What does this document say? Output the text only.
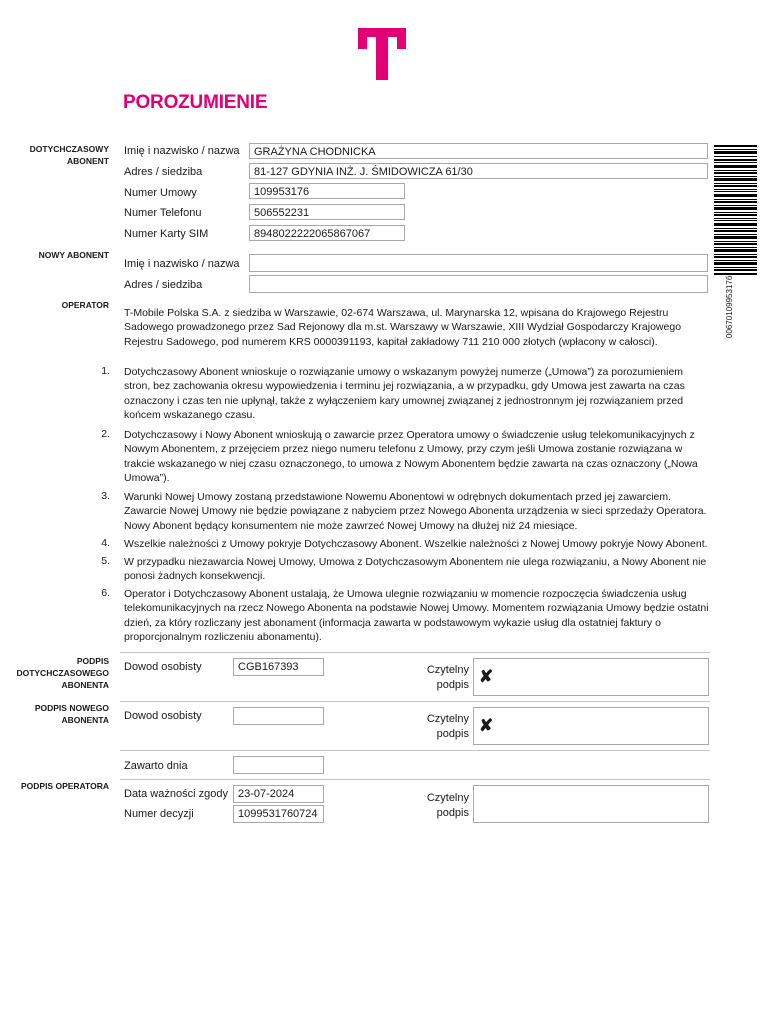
POROZUMIENIE
DOTYCHCZASOWY ABONENT
NOWY ABONENT
OPERATOR
PODPIS DOTYCHCZASOWEGO ABONENTA
PODPIS NOWEGO ABONENTA
PODPIS OPERATORA
Imię i nazwisko / nazwa	GRAŻYNA CHODNICKA
Adres / siedziba	81-127 GDYNIA INŻ. J. ŚMIDOWICZA 61/30
Numer Umowy	109953176
Numer Telefonu	506552231
Numer Karty SIM	8948022222065867067
Imię i nazwisko / nazwa
Adres / siedziba
T-Mobile Polska S.A. z siedziba w Warszawie, 02-674 Warszawa, ul. Marynarska 12, wpisana do Krajowego Rejestru Sadowego prowadzonego przez Sad Rejonowy dla m.st. Warszawy w Warszawie, XIII Wydział Gospodarczy Krajowego Rejestru Sadowego, pod numerem KRS 0000391193, kapitał zakładowy 711 210 000 złotych (wpłacony w całosci).
1. Dotychczasowy Abonent wnioskuje o rozwiązanie umowy o wskazanym powyżej numerze („Umowa”) za porozumieniem stron, bez zachowania okresu wypowiedzenia i terminu jej rozwiązania, a w przypadku, gdy Umowa jest zawarta na czas oznaczony i czas ten nie upłynął, także z wyłączeniem kary umownej związanej z jednostronnym jej rozwiązaniem przed końcem wskazanego czasu.
2. Dotychczasowy i Nowy Abonent wnioskują o zawarcie przez Operatora umowy o świadczenie usług telekomunikacyjnych z Nowym Abonentem, z przejęciem przez niego numeru telefonu z Umowy, przy czym jeśli Umowa zostanie rozwiązana w trakcie wskazanego w niej czasu oznaczonego, to umowa z Nowym Abonentem będzie zawarta na czas oznaczony („Nowa Umowa”).
3. Warunki Nowej Umowy zostaną przedstawione Nowemu Abonentowi w odrębnych dokumentach przed jej zawarciem. Zawarcie Nowej Umowy nie będzie powiązane z nabyciem przez Nowego Abonenta urządzenia w sieci sprzedaży Operatora. Nowy Abonent będący konsumentem nie może zawrzeć Nowej Umowy na dłużej niż 24 miesiące.
4. Wszelkie należności z Umowy pokryje Dotychczasowy Abonent. Wszelkie należności z Nowej Umowy pokryje Nowy Abonent.
5. W przypadku niezawarcia Nowej Umowy, Umowa z Dotychczasowym Abonentem nie ulega rozwiązaniu, a Nowy Abonent nie ponosi żadnych konsekwencji.
6. Operator i Dotychczasowy Abonent ustalają, że Umowa ulegnie rozwiązaniu w momencie rozpoczęcia świadczenia usług telekomunikacyjnych na rzecz Nowego Abonenta na podstawie Nowej Umowy. Momentem rozwiązania Umowy będzie ostatni dzień, za który rozliczany jest abonament (informacja zawarta w podstawowym wykazie usług dla ostatniej faktury o proporcjonalnym rozliczeniu abonamentu).
Dowod osobisty	CGB167393	Czytelny podpis ✘
Dowod osobisty	Czytelny podpis ✘
Zawarto dnia
Data ważności zgody 23-07-2024
Numer decyzji	1099531760724
Czytelny podpis
0067010995317б
